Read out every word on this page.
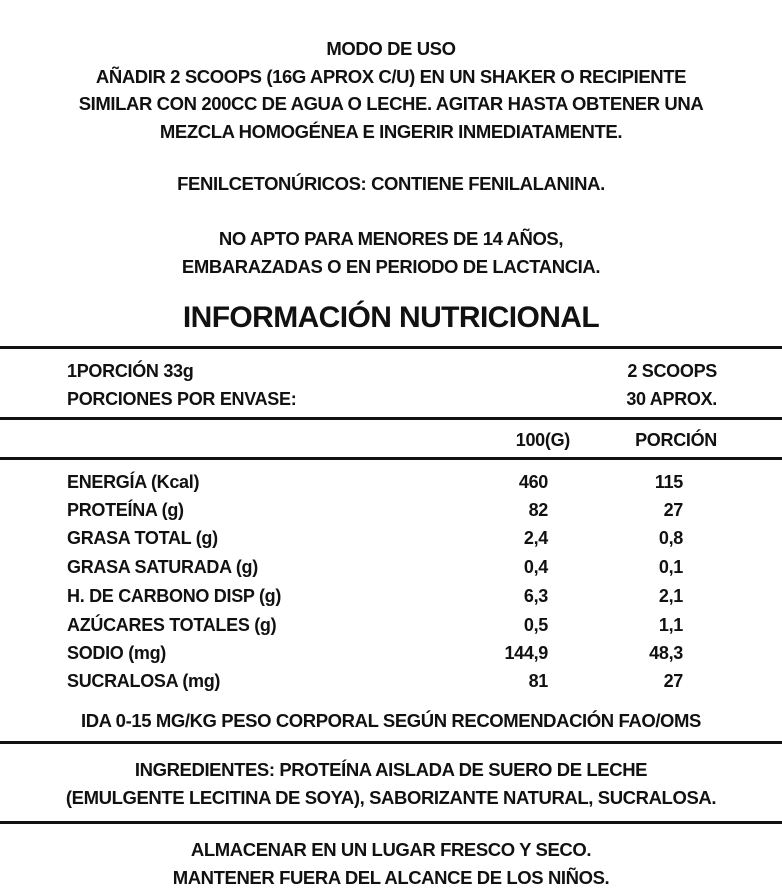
MODO DE USO
AÑADIR 2 SCOOPS (16G APROX C/U) EN UN SHAKER O RECIPIENTE
SIMILAR CON 200CC DE AGUA O LECHE. AGITAR HASTA OBTENER UNA
MEZCLA HOMOGÉNEA E INGERIR INMEDIATAMENTE.
FENILCETONÚRICOS: CONTIENE FENILALANINA.
NO APTO PARA MENORES DE 14 AÑOS,
EMBARAZADAS O EN PERIODO DE LACTANCIA.
INFORMACIÓN NUTRICIONAL
1PORCIÓN 33g	2 SCOOPS
PORCIONES POR ENVASE:	30 APROX.
100(G)	PORCIÓN
ENERGÍA (Kcal)	460	115
PROTEÍNA (g)	82	27
GRASA TOTAL (g)	2,4	0,8
GRASA SATURADA (g)	0,4	0,1
H. DE CARBONO DISP (g)	6,3	2,1
AZÚCARES TOTALES (g)	0,5	1,1
SODIO (mg)	144,9	48,3
SUCRALOSA (mg)	81	27
IDA 0-15 MG/KG PESO CORPORAL SEGÚN RECOMENDACIÓN FAO/OMS
INGREDIENTES: PROTEÍNA AISLADA DE SUERO DE LECHE
(EMULGENTE LECITINA DE SOYA), SABORIZANTE NATURAL, SUCRALOSA.
ALMACENAR EN UN LUGAR FRESCO Y SECO.
MANTENER FUERA DEL ALCANCE DE LOS NIÑOS.
